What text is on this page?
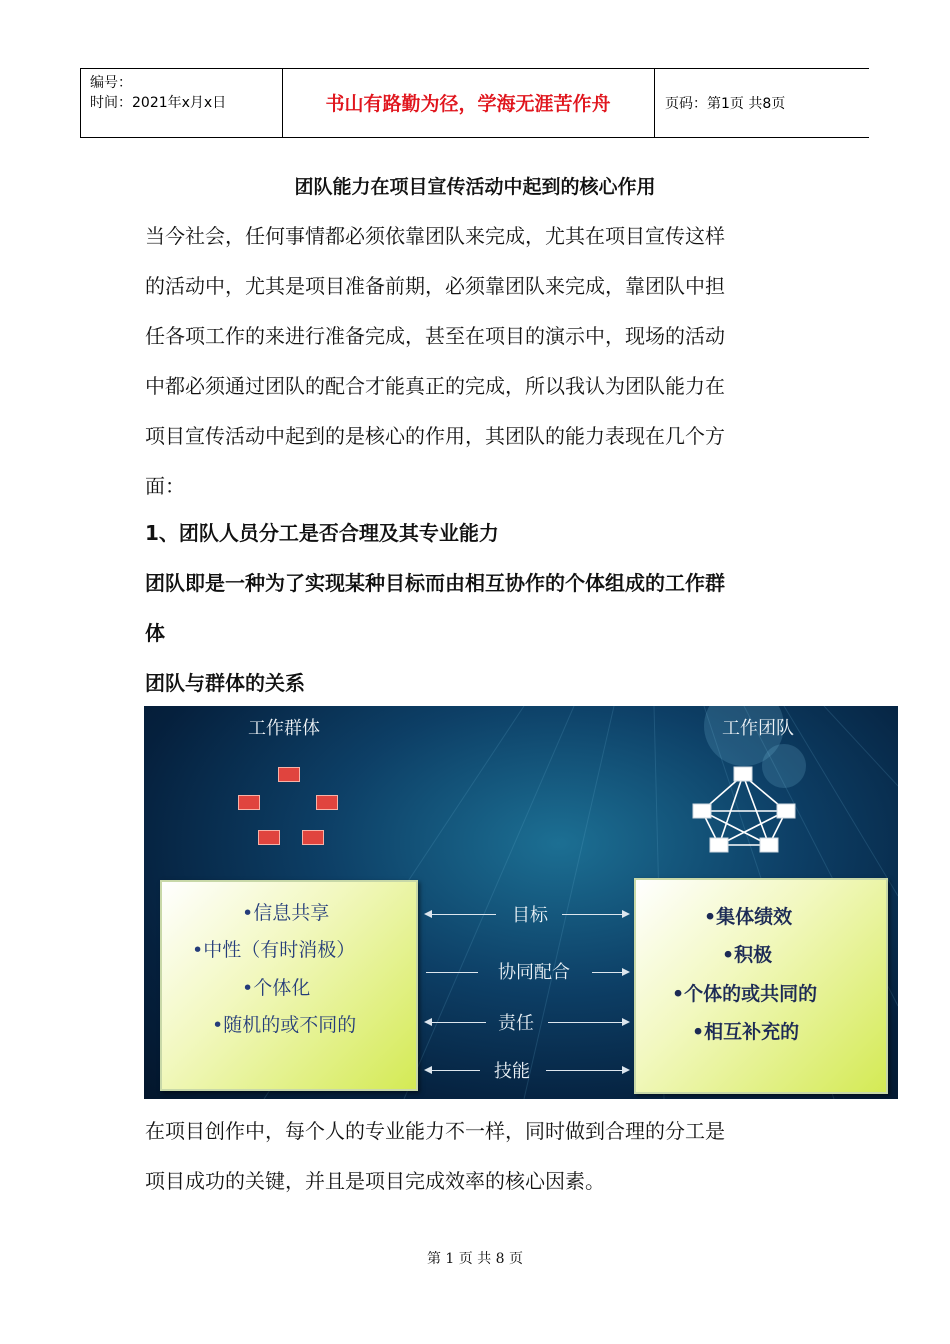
编号：
时间：2021年x月x日	书山有路勤为径，学海无涯苦作舟	页码：第1页 共8页
团队能力在项目宣传活动中起到的核心作用

当今社会，任何事情都必须依靠团队来完成，尤其在项目宣传这样
的活动中，尤其是项目准备前期，必须靠团队来完成，靠团队中担
任各项工作的来进行准备完成，甚至在项目的演示中，现场的活动
中都必须通过团队的配合才能真正的完成，所以我认为团队能力在
项目宣传活动中起到的是核心的作用，其团队的能力表现在几个方
面：

1、团队人员分工是否合理及其专业能力

团队即是一种为了实现某种目标而由相互协作的个体组成的工作群
体

团队与群体的关系

工作群体	工作团队
•信息共享
•中性（有时消极）
•个体化
•随机的或不同的
•集体绩效
•积极
•个体的或共同的
•相互补充的
目标
协同配合
责任
技能

在项目创作中，每个人的专业能力不一样，同时做到合理的分工是
项目成功的关键，并且是项目完成效率的核心因素。

第 1 页 共 8 页
